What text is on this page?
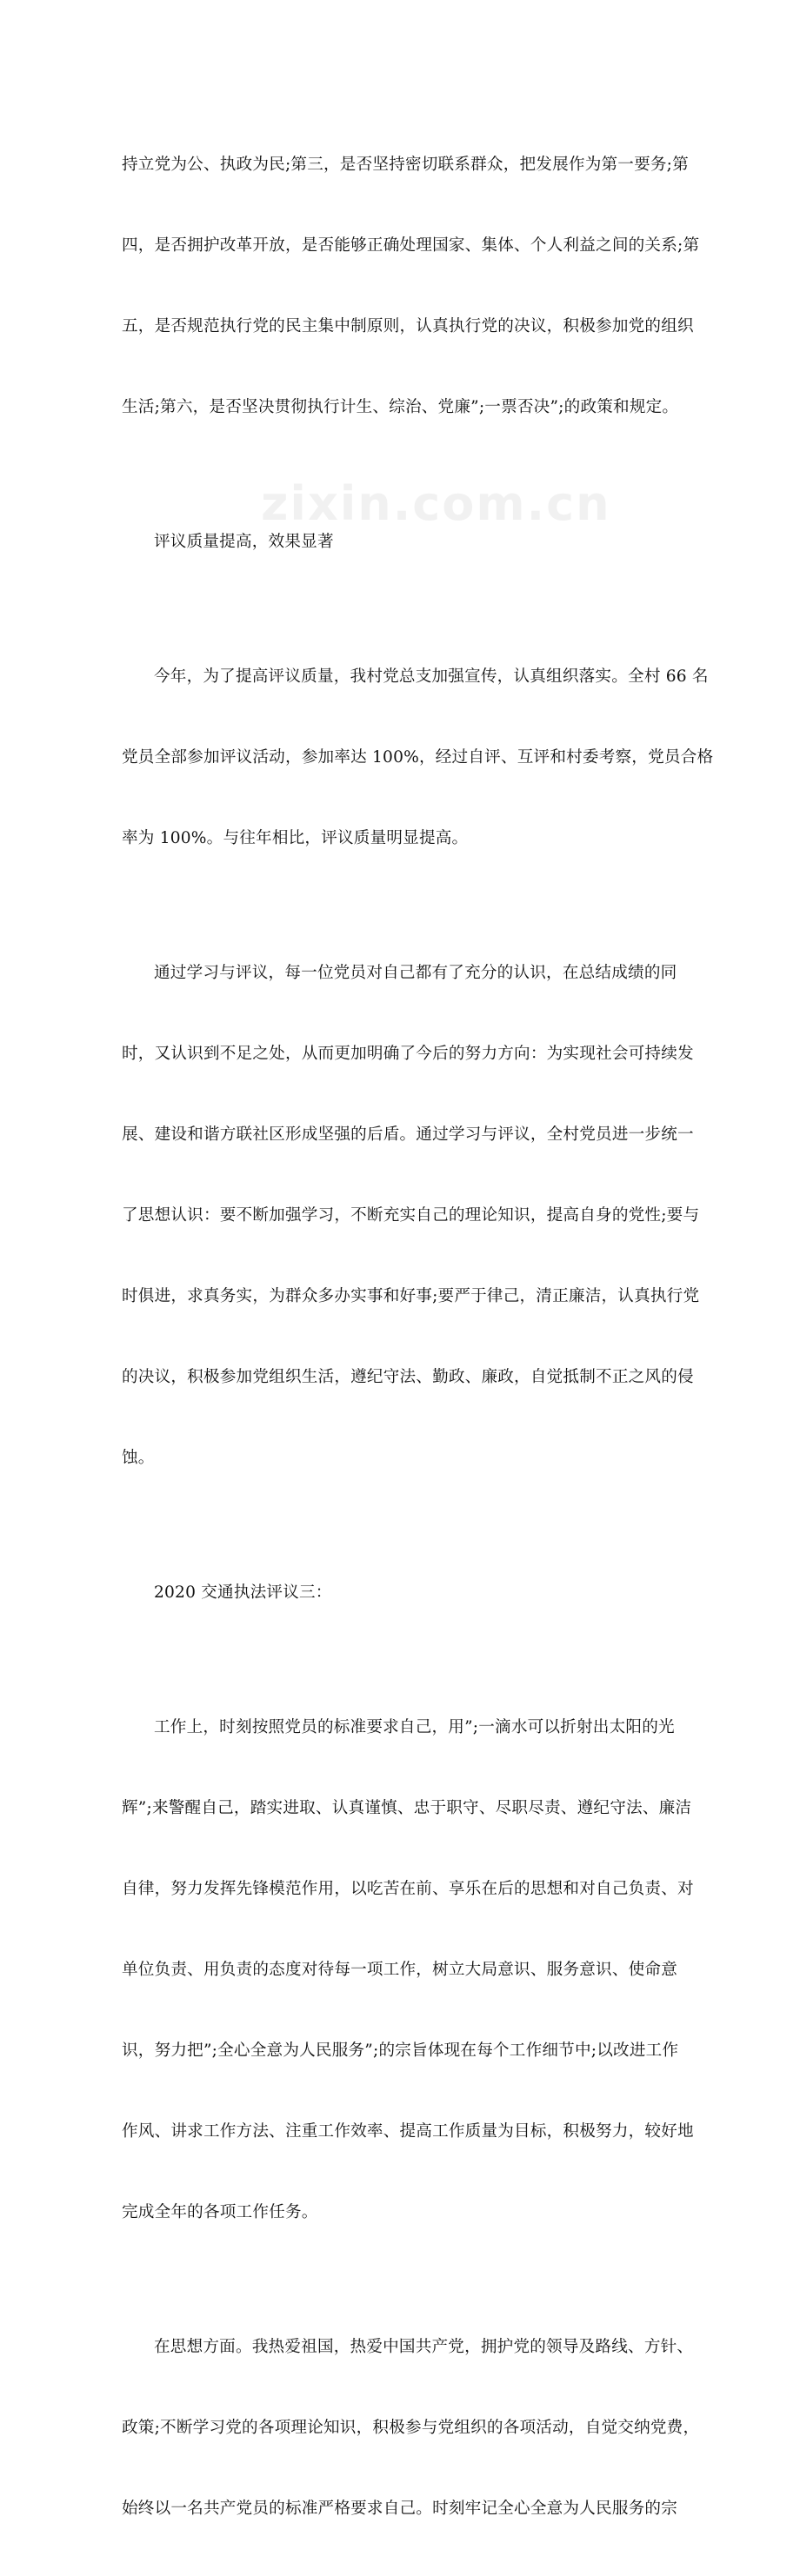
zixin.com.cn

持立党为公、执政为民;第三，是否坚持密切联系群众，把发展作为第一要务;第

四，是否拥护改革开放，是否能够正确处理国家、集体、个人利益之间的关系;第

五，是否规范执行党的民主集中制原则，认真执行党的决议，积极参加党的组织

生活;第六，是否坚决贯彻执行计生、综治、党廉”;一票否决”;的政策和规定。

评议质量提高，效果显著

今年，为了提高评议质量，我村党总支加强宣传，认真组织落实。全村 66 名

党员全部参加评议活动，参加率达 100%，经过自评、互评和村委考察，党员合格

率为 100%。与往年相比，评议质量明显提高。

通过学习与评议，每一位党员对自己都有了充分的认识，在总结成绩的同

时，又认识到不足之处，从而更加明确了今后的努力方向：为实现社会可持续发

展、建设和谐方联社区形成坚强的后盾。通过学习与评议，全村党员进一步统一

了思想认识：要不断加强学习，不断充实自己的理论知识，提高自身的党性;要与

时俱进，求真务实，为群众多办实事和好事;要严于律己，清正廉洁，认真执行党

的决议，积极参加党组织生活，遵纪守法、勤政、廉政，自觉抵制不正之风的侵

蚀。

2020 交通执法评议三：

工作上，时刻按照党员的标准要求自己，用”;一滴水可以折射出太阳的光

辉”;来警醒自己，踏实进取、认真谨慎、忠于职守、尽职尽责、遵纪守法、廉洁

自律，努力发挥先锋模范作用，以吃苦在前、享乐在后的思想和对自己负责、对

单位负责、用负责的态度对待每一项工作，树立大局意识、服务意识、使命意

识，努力把”;全心全意为人民服务”;的宗旨体现在每个工作细节中;以改进工作

作风、讲求工作方法、注重工作效率、提高工作质量为目标，积极努力，较好地

完成全年的各项工作任务。

在思想方面。我热爱祖国，热爱中国共产党，拥护党的领导及路线、方针、

政策;不断学习党的各项理论知识，积极参与党组织的各项活动，自觉交纳党费，

始终以一名共产党员的标准严格要求自己。时刻牢记全心全意为人民服务的宗
